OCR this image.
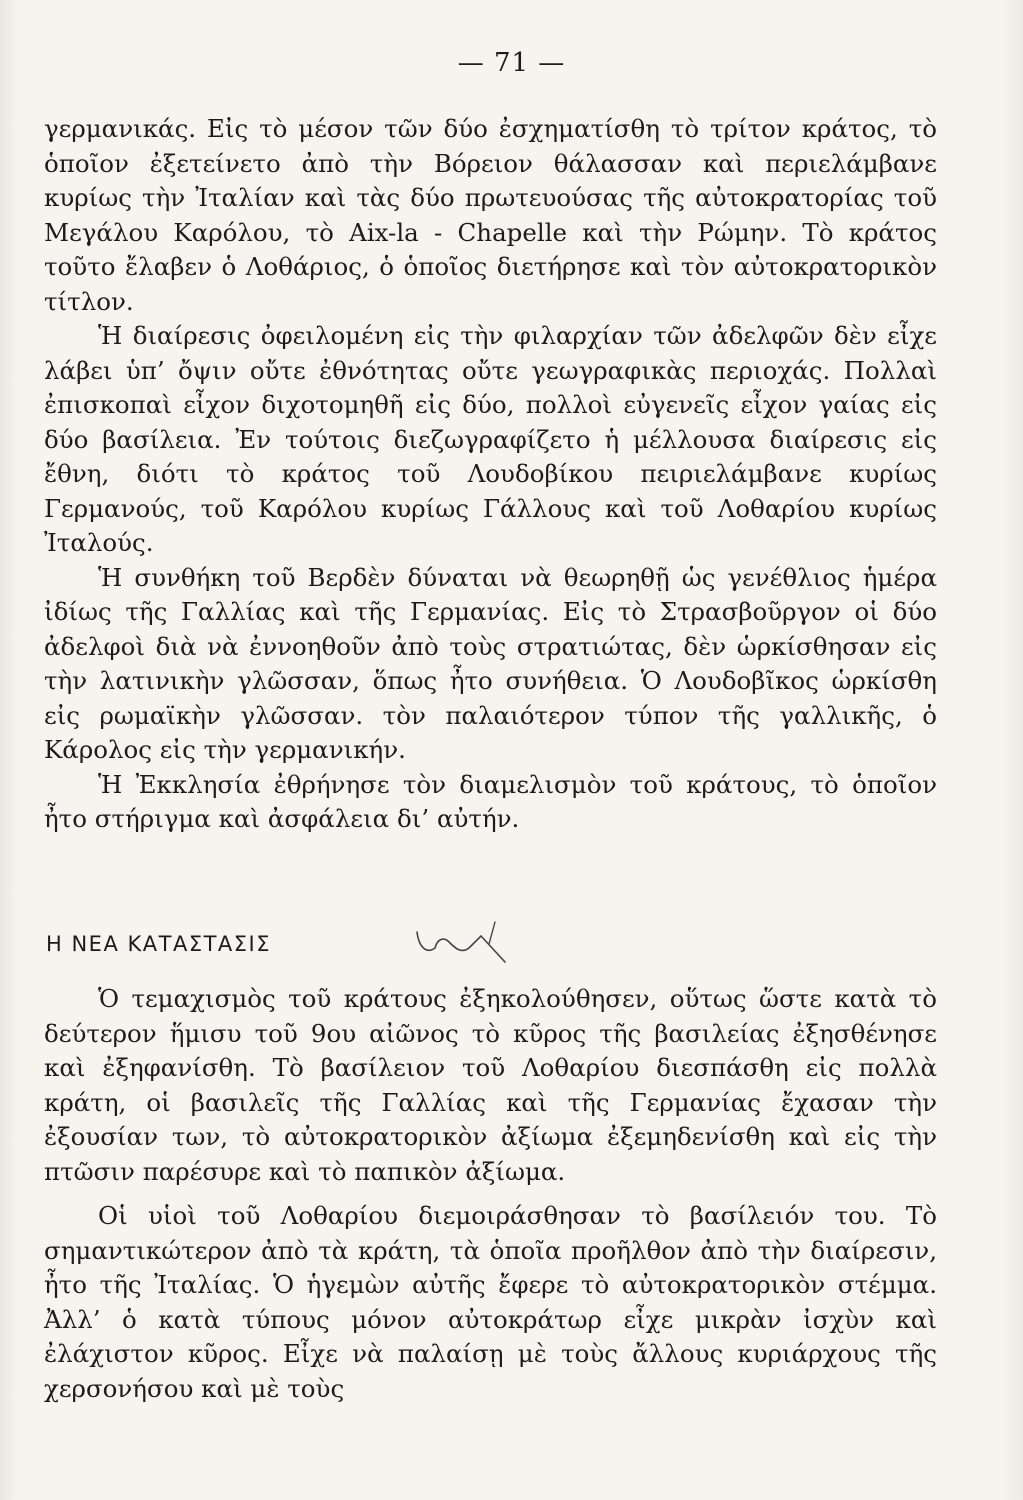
— 71 —

γερμανικάς. Εἰς τὸ μέσον τῶν δύο ἐσχηματίσθη τὸ τρίτον κράτος, τὸ ὁποῖον ἐξετείνετο ἀπὸ τὴν Βόρειον θάλασσαν καὶ περιελάμβανε κυρίως τὴν Ἰταλίαν καὶ τὰς δύο πρωτευούσας τῆς αὐτοκρατορίας τοῦ Μεγάλου Καρόλου, τὸ Aix-la - Chapelle καὶ τὴν Ρώμην. Τὸ κράτος τοῦτο ἔλαβεν ὁ Λοθάριος, ὁ ὁποῖος διετήρησε καὶ τὸν αὐτοκρατορικὸν τίτλον.

Ἡ διαίρεσις ὀφειλομένη εἰς τὴν φιλαρχίαν τῶν ἀδελφῶν δὲν εἶχε λάβει ὑπ’ ὄψιν οὔτε ἐθνότητας οὔτε γεωγραφικὰς περιοχάς. Πολλαὶ ἐπισκοπαὶ εἶχον διχοτομηθῆ εἰς δύο, πολλοὶ εὐγενεῖς εἶχον γαίας εἰς δύο βασίλεια. Ἐν τούτοις διεζωγραφίζετο ἡ μέλλουσα διαίρεσις εἰς ἔθνη, διότι τὸ κράτος τοῦ Λουδοβίκου πειριελάμβανε κυρίως Γερμανούς, τοῦ Καρόλου κυρίως Γάλλους καὶ τοῦ Λοθαρίου κυρίως Ἰταλούς.

Ἡ συνθήκη τοῦ Βερδὲν δύναται νὰ θεωρηθῇ ὡς γενέθλιος ἡμέρα ἰδίως τῆς Γαλλίας καὶ τῆς Γερμανίας. Εἰς τὸ Στρασβοῦργον οἱ δύο ἀδελφοὶ διὰ νὰ ἐννοηθοῦν ἀπὸ τοὺς στρατιώτας, δὲν ὡρκίσθησαν εἰς τὴν λατινικὴν γλῶσσαν, ὅπως ἦτο συνήθεια. Ὁ Λουδοβῖκος ὡρκίσθη εἰς ρωμαϊκὴν γλῶσσαν. τὸν παλαιότερον τύπον τῆς γαλλικῆς, ὁ Κάρολος εἰς τὴν γερμανικήν.

Ἡ Ἐκκλησία ἐθρήνησε τὸν διαμελισμὸν τοῦ κράτους, τὸ ὁποῖον ἦτο στήριγμα καὶ ἀσφάλεια δι’ αὐτήν.

Η ΝΕΑ ΚΑΤΑΣΤΑΣΙΣ

Ὁ τεμαχισμὸς τοῦ κράτους ἐξηκολούθησεν, οὕτως ὥστε κατὰ τὸ δεύτερον ἥμισυ τοῦ 9ου αἰῶνος τὸ κῦρος τῆς βασιλείας ἐξησθένησε καὶ ἐξηφανίσθη. Τὸ βασίλειον τοῦ Λοθαρίου διεσπάσθη εἰς πολλὰ κράτη, οἱ βασιλεῖς τῆς Γαλλίας καὶ τῆς Γερμανίας ἔχασαν τὴν ἐξουσίαν των, τὸ αὐτοκρατορικὸν ἀξίωμα ἐξεμηδενίσθη καὶ εἰς τὴν πτῶσιν παρέσυρε καὶ τὸ παπικὸν ἀξίωμα.

Οἱ υἱοὶ τοῦ Λοθαρίου διεμοιράσθησαν τὸ βασίλειόν του. Τὸ σημαντικώτερον ἀπὸ τὰ κράτη, τὰ ὁποῖα προῆλθον ἀπὸ τὴν διαίρεσιν, ἦτο τῆς Ἰταλίας. Ὁ ἡγεμὼν αὐτῆς ἔφερε τὸ αὐτοκρατορικὸν στέμμα. Ἀλλ’ ὁ κατὰ τύπους μόνον αὐτοκράτωρ εἶχε μικρὰν ἰσχὺν καὶ ἐλάχιστον κῦρος. Εἶχε νὰ παλαίσῃ μὲ τοὺς ἄλλους κυριάρχους τῆς χερσονήσου καὶ μὲ τοὺς
